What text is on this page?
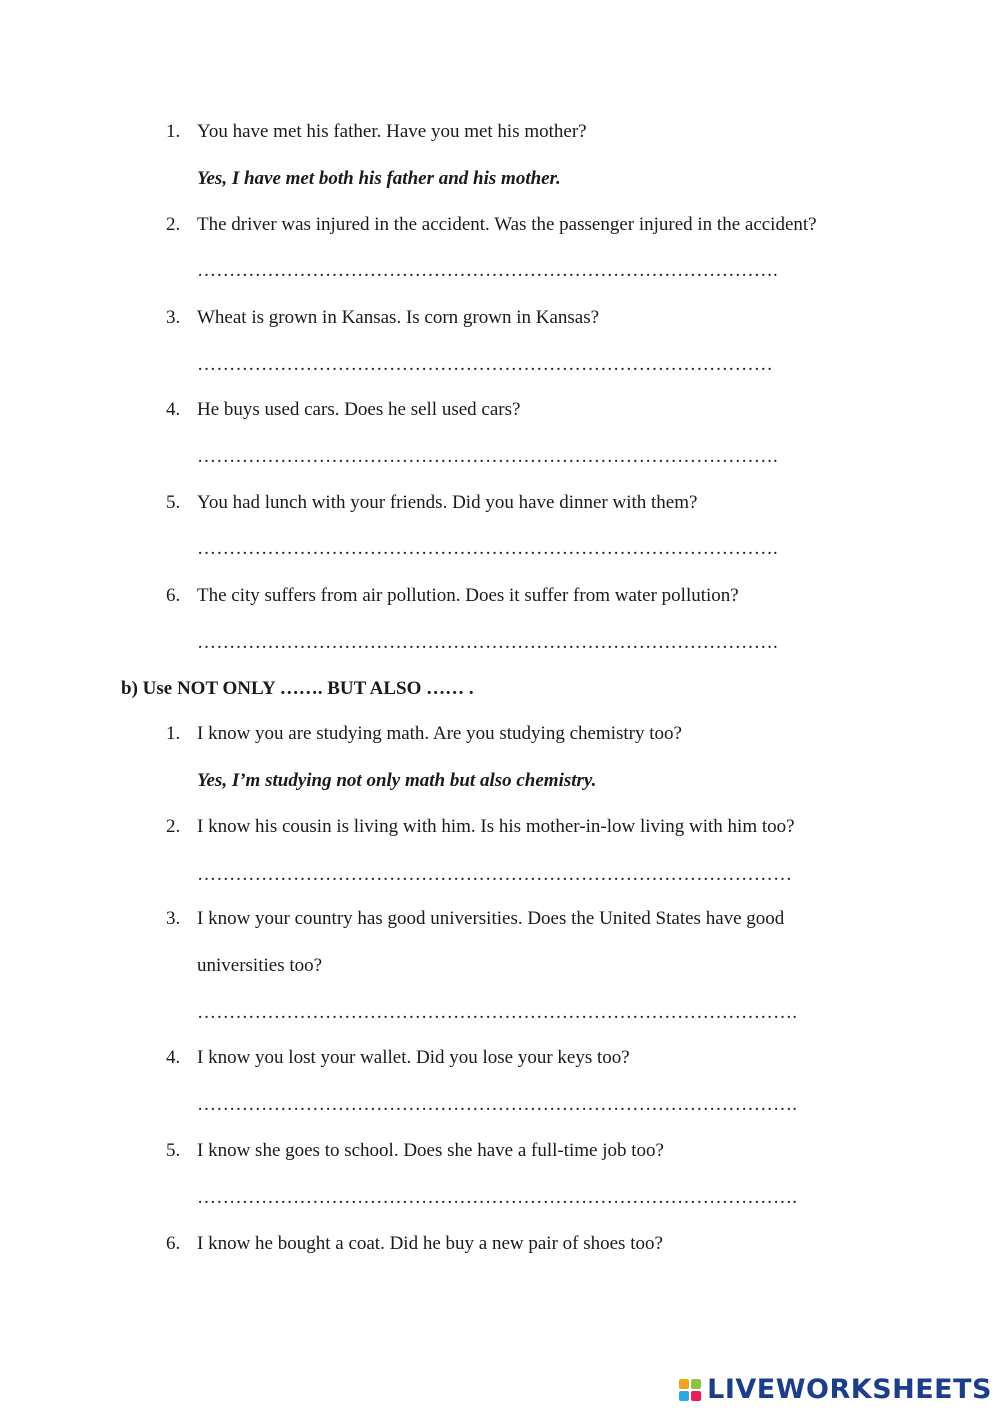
1. You have met his father. Have you met his mother?
Yes, I have met both his father and his mother.
2. The driver was injured in the accident. Was the passenger injured in the accident?
……………………………………………………………………………….
3. Wheat is grown in Kansas. Is corn grown in Kansas?
………………………………………………………………………………
4. He buys used cars. Does he sell used cars?
……………………………………………………………………………….
5. You had lunch with your friends. Did you have dinner with them?
……………………………………………………………………………….
6. The city suffers from air pollution. Does it suffer from water pollution?
……………………………………………………………………………….
b) Use NOT ONLY ……. BUT ALSO …… .
1. I know you are studying math. Are you studying chemistry too?
Yes, I’m studying not only math but also chemistry.
2. I know his cousin is living with him. Is his mother-in-low living with him too?
…………………………………………………………………………………
3. I know your country has good universities. Does the United States have good
universities too?
………………………………………………………………………………….
4. I know you lost your wallet. Did you lose your keys too?
………………………………………………………………………………….
5. I know she goes to school. Does she have a full-time job too?
………………………………………………………………………………….
6. I know he bought a coat. Did he buy a new pair of shoes too?
LIVEWORKSHEETS
